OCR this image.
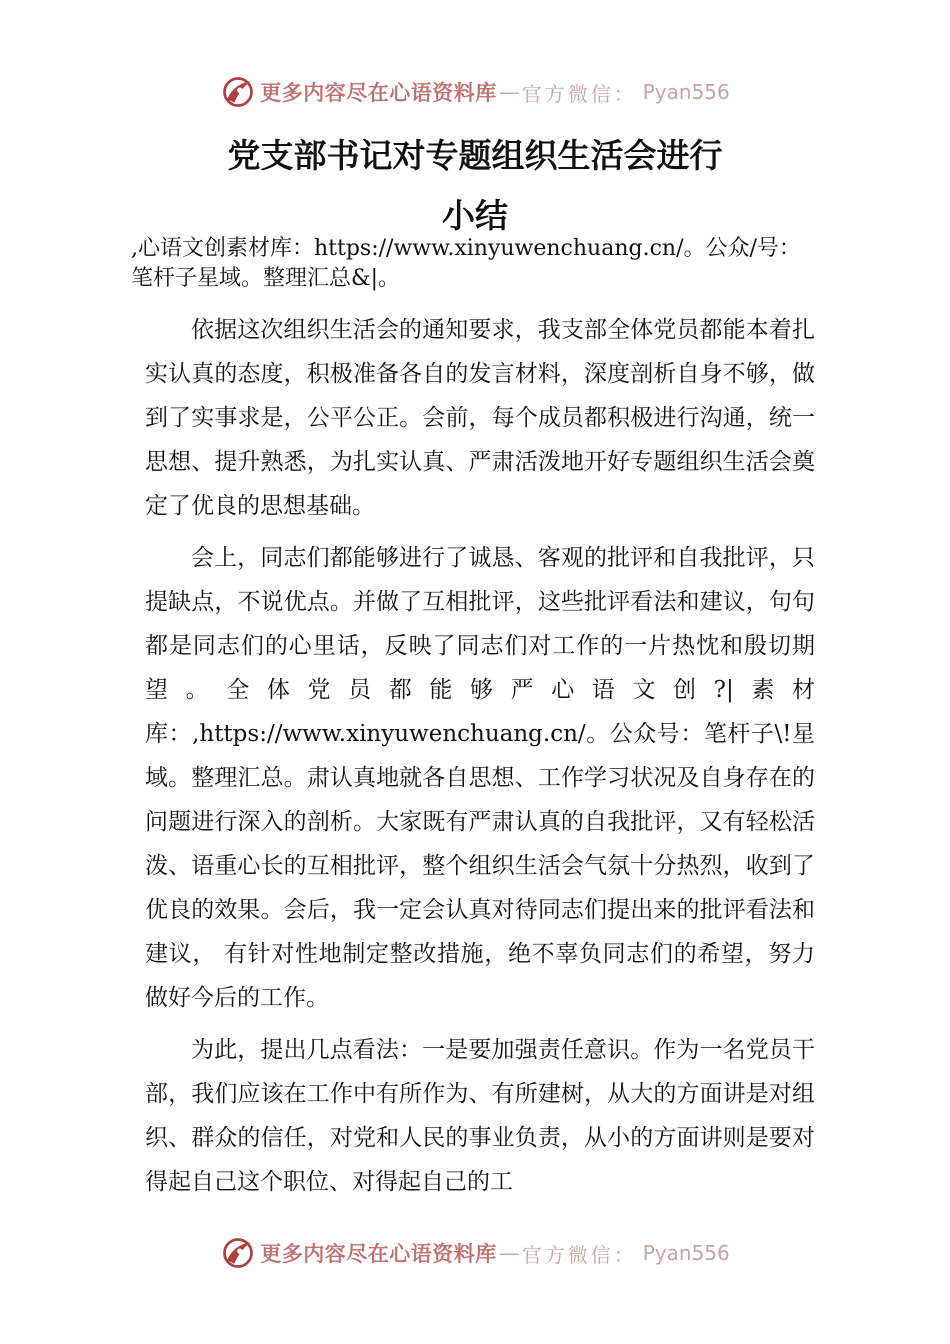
更多内容尽在心语资料库 — 官方微信： Pyan556
党支部书记对专题组织生活会进行
小结

,心语文创素材库：https://www.xinyuwenchuang.cn/。公众/号：笔杆子星域。整理汇总&|。

依据这次组织生活会的通知要求，我支部全体党员都能本着扎实认真的态度，积极准备各自的发言材料，深度剖析自身不够，做到了实事求是，公平公正。会前，每个成员都积极进行沟通，统一思想、提升熟悉，为扎实认真、严肃活泼地开好专题组织生活会奠定了优良的思想基础。

会上，同志们都能够进行了诚恳、客观的批评和自我批评，只提缺点，不说优点。并做了互相批评，这些批评看法和建议，句句都是同志们的心里话，反映了同志们对工作的一片热忱和殷切期望。全体党员都能够严心语文创?|素材库：,https://www.xinyuwenchuang.cn/。公众号：笔杆子\!星域。整理汇总。肃认真地就各自思想、工作学习状况及自身存在的问题进行深入的剖析。大家既有严肃认真的自我批评，又有轻松活泼、语重心长的互相批评，整个组织生活会气氛十分热烈，收到了优良的效果。会后，我一定会认真对待同志们提出来的批评看法和建议， 有针对性地制定整改措施，绝不辜负同志们的希望，努力做好今后的工作。

为此，提出几点看法：一是要加强责任意识。作为一名党员干部，我们应该在工作中有所作为、有所建树，从大的方面讲是对组织、群众的信任，对党和人民的事业负责，从小的方面讲则是要对得起自己这个职位、对得起自己的工

更多内容尽在心语资料库 — 官方微信： Pyan556
